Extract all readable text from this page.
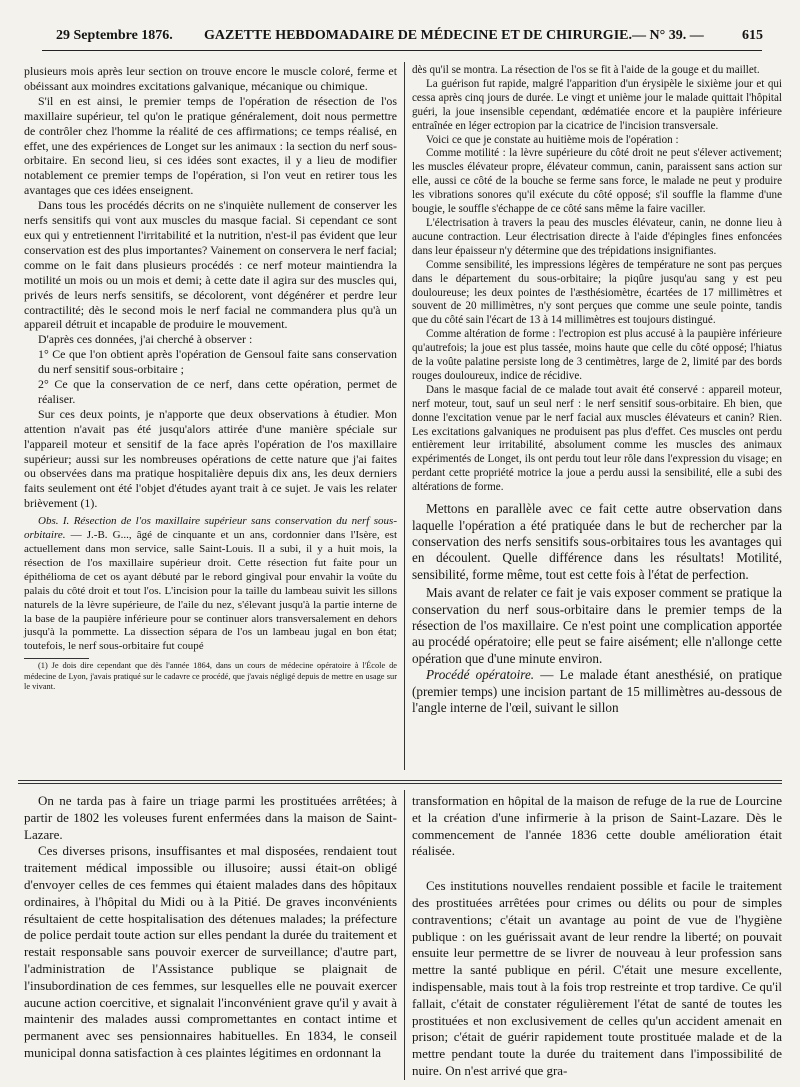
29 Septembre 1876. GAZETTE HEBDOMADAIRE DE MÉDECINE ET DE CHIRURGIE. — N° 39. —	615

plusieurs mois après leur section on trouve encore le muscle coloré, ferme et obéissant aux moindres excitations galvanique, mécanique ou chimique.

S'il en est ainsi, le premier temps de l'opération de résection de l'os maxillaire supérieur, tel qu'on le pratique généralement, doit nous permettre de contrôler chez l'homme la réalité de ces affirmations; ce temps réalisé, en effet, une des expériences de Longet sur les animaux : la section du nerf sous-orbitaire. En second lieu, si ces idées sont exactes, il y a lieu de modifier notablement ce premier temps de l'opération, si l'on veut en retirer tous les avantages que ces idées enseignent.

Dans tous les procédés décrits on ne s'inquiète nullement de conserver les nerfs sensitifs qui vont aux muscles du masque facial. Si cependant ce sont eux qui y entretiennent l'irritabilité et la nutrition, n'est-il pas évident que leur conservation est des plus importantes? Vainement on conservera le nerf facial; comme on le fait dans plusieurs procédés : ce nerf moteur maintiendra la motilité un mois ou un mois et demi; à cette date il agira sur des muscles qui, privés de leurs nerfs sensitifs, se décolorent, vont dégénérer et perdre leur contractilité; dès le second mois le nerf facial ne commandera plus qu'à un appareil détruit et incapable de produire le mouvement.

D'après ces données, j'ai cherché à observer :

1° Ce que l'on obtient après l'opération de Gensoul faite sans conservation du nerf sensitif sous-orbitaire ;

2° Ce que la conservation de ce nerf, dans cette opération, permet de réaliser.

Sur ces deux points, je n'apporte que deux observations à étudier. Mon attention n'avait pas été jusqu'alors attirée d'une manière spéciale sur l'appareil moteur et sensitif de la face après l'opération de l'os maxillaire supérieur; aussi sur les nombreuses opérations de cette nature que j'ai faites ou observées dans ma pratique hospitalière depuis dix ans, les deux derniers faits seulement ont été l'objet d'études ayant trait à ce sujet. Je vais les relater brièvement (1).

Obs. I. Résection de l'os maxillaire supérieur sans conservation du nerf sous-orbitaire. — J.-B. G..., âgé de cinquante et un ans, cordonnier dans l'Isère, est actuellement dans mon service, salle Saint-Louis. Il a subi, il y a huit mois, la résection de l'os maxillaire supérieur droit. Cette résection fut faite pour un épithélioma de cet os ayant débuté par le rebord gingival pour envahir la voûte du palais du côté droit et tout l'os. L'incision pour la taille du lambeau suivit les sillons naturels de la lèvre supérieure, de l'aile du nez, s'élevant jusqu'à la partie interne de la base de la paupière inférieure pour se continuer alors transversalement en dehors jusqu'à la pommette. La dissection sépara de l'os un lambeau jugal en bon état; toutefois, le nerf sous-orbitaire fut coupé

(1) Je dois dire cependant que dès l'année 1864, dans un cours de médecine opératoire à l'École de médecine de Lyon, j'avais pratiqué sur le cadavre ce procédé, que j'avais négligé depuis de mettre en usage sur le vivant.

dès qu'il se montra. La résection de l'os se fit à l'aide de la gouge et du maillet.

La guérison fut rapide, malgré l'apparition d'un érysipèle le sixième jour et qui cessa après cinq jours de durée. Le vingt et unième jour le malade quittait l'hôpital guéri, la joue insensible cependant, œdématiée encore et la paupière inférieure entraînée en léger ectropion par la cicatrice de l'incision transversale.

Voici ce que je constate au huitième mois de l'opération :

Comme motilité : la lèvre supérieure du côté droit ne peut s'élever activement; les muscles élévateur propre, élévateur commun, canin, paraissent sans action sur elle, aussi ce côté de la bouche se ferme sans force, le malade ne peut y produire les vibrations sonores qu'il exécute du côté opposé; s'il souffle la flamme d'une bougie, le souffle s'échappe de ce côté sans même la faire vaciller.

L'électrisation à travers la peau des muscles élévateur, canin, ne donne lieu à aucune contraction. Leur électrisation directe à l'aide d'épingles fines enfoncées dans leur épaisseur n'y détermine que des trépidations insignifiantes.

Comme sensibilité, les impressions légères de température ne sont pas perçues dans le département du sous-orbitaire; la piqûre jusqu'au sang y est peu douloureuse; les deux pointes de l'æsthésiomètre, écartées de 17 millimètres et souvent de 20 millimètres, n'y sont perçues que comme une seule pointe, tandis que du côté sain l'écart de 13 à 14 millimètres est toujours distingué.

Comme altération de forme : l'ectropion est plus accusé à la paupière inférieure qu'autrefois; la joue est plus tassée, moins haute que celle du côté opposé; l'hiatus de la voûte palatine persiste long de 3 centimètres, large de 2, limité par des bords rouges douloureux, indice de récidive.

Dans le masque facial de ce malade tout avait été conservé : appareil moteur, nerf moteur, tout, sauf un seul nerf : le nerf sensitif sous-orbitaire. Eh bien, que donne l'excitation venue par le nerf facial aux muscles élévateurs et canin? Rien. Les excitations galvaniques ne produisent pas plus d'effet. Ces muscles ont perdu entièrement leur irritabilité, absolument comme les muscles des animaux expérimentés de Longet, ils ont perdu tout leur rôle dans l'expression du visage; en perdant cette propriété motrice la joue a perdu aussi la sensibilité, elle a subi des altérations de forme.

Mettons en parallèle avec ce fait cette autre observation dans laquelle l'opération a été pratiquée dans le but de rechercher par la conservation des nerfs sensitifs sous-orbitaires tous les avantages qui en découlent. Quelle différence dans les résultats! Motilité, sensibilité, forme même, tout est cette fois à l'état de perfection.

Mais avant de relater ce fait je vais exposer comment se pratique la conservation du nerf sous-orbitaire dans le premier temps de la résection de l'os maxillaire. Ce n'est point une complication apportée au procédé opératoire; elle peut se faire aisément; elle n'allonge cette opération que d'une minute environ.

Procédé opératoire. — Le malade étant anesthésié, on pratique (premier temps) une incision partant de 15 millimètres au-dessous de l'angle interne de l'œil, suivant le sillon

On ne tarda pas à faire un triage parmi les prostituées arrêtées; à partir de 1802 les voleuses furent enfermées dans la maison de Saint-Lazare.

Ces diverses prisons, insuffisantes et mal disposées, rendaient tout traitement médical impossible ou illusoire; aussi était-on obligé d'envoyer celles de ces femmes qui étaient malades dans des hôpitaux ordinaires, à l'hôpital du Midi ou à la Pitié. De graves inconvénients résultaient de cette hospitalisation des détenues malades; la préfecture de police perdait toute action sur elles pendant la durée du traitement et restait responsable sans pouvoir exercer de surveillance; d'autre part, l'administration de l'Assistance publique se plaignait de l'insubordination de ces femmes, sur lesquelles elle ne pouvait exercer aucune action coercitive, et signalait l'inconvénient grave qu'il y avait à maintenir des malades aussi compromettantes en contact intime et permanent avec ses pensionnaires habituelles. En 1834, le conseil municipal donna satisfaction à ces plaintes légitimes en ordonnant la

transformation en hôpital de la maison de refuge de la rue de Lourcine et la création d'une infirmerie à la prison de Saint-Lazare. Dès le commencement de l'année 1836 cette double amélioration était réalisée.

Ces institutions nouvelles rendaient possible et facile le traitement des prostituées arrêtées pour crimes ou délits ou pour de simples contraventions; c'était un avantage au point de vue de l'hygiène publique : on les guérissait avant de leur rendre la liberté; on pouvait ensuite leur permettre de se livrer de nouveau à leur profession sans mettre la santé publique en péril. C'était une mesure excellente, indispensable, mais tout à la fois trop restreinte et trop tardive. Ce qu'il fallait, c'était de constater régulièrement l'état de santé de toutes les prostituées et non exclusivement de celles qu'un accident amenait en prison; c'était de guérir rapidement toute prostituée malade et de la mettre pendant toute la durée du traitement dans l'impossibilité de nuire. On n'est arrivé que gra-
